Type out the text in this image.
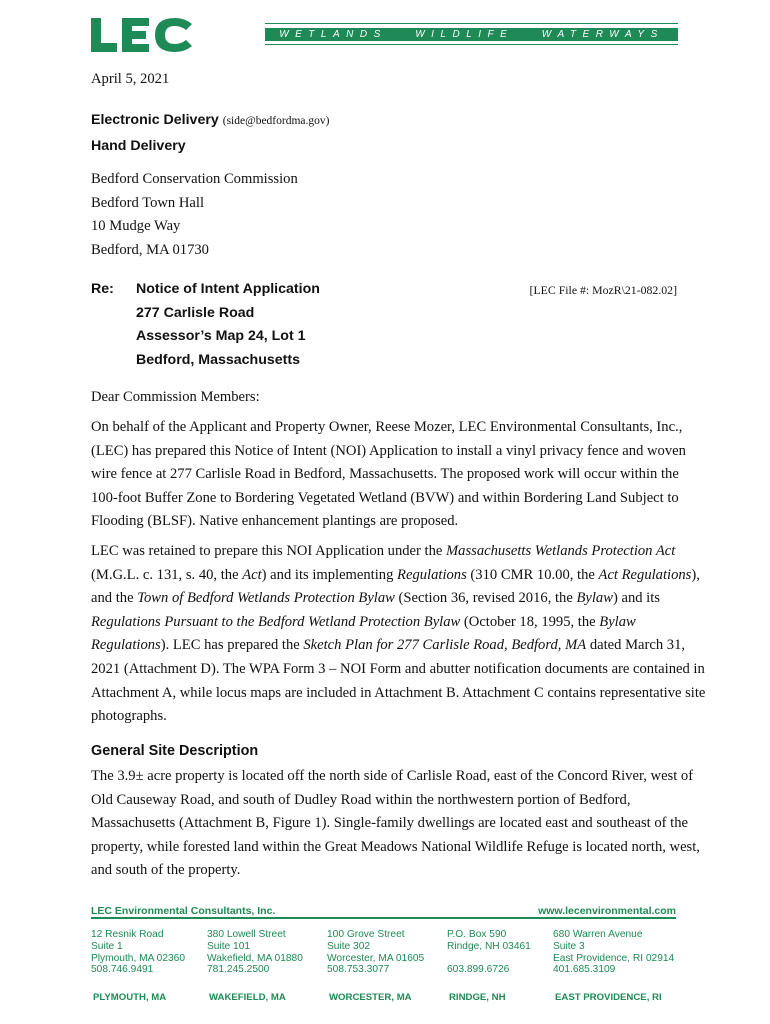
WETLANDS	WILDLIFE	WATERWAYS
April 5, 2021
Electronic Delivery (side@bedfordma.gov)
Hand Delivery
Bedford Conservation Commission
Bedford Town Hall
10 Mudge Way
Bedford, MA 01730
Re: Notice of Intent Application
277 Carlisle Road
Assessor’s Map 24, Lot 1
Bedford, Massachusetts
[LEC File #: MozR\21-082.02]
Dear Commission Members:
On behalf of the Applicant and Property Owner, Reese Mozer, LEC Environmental Consultants, Inc.,
(LEC) has prepared this Notice of Intent (NOI) Application to install a vinyl privacy fence and woven
wire fence at 277 Carlisle Road in Bedford, Massachusetts. The proposed work will occur within the
100-foot Buffer Zone to Bordering Vegetated Wetland (BVW) and within Bordering Land Subject to
Flooding (BLSF). Native enhancement plantings are proposed.
LEC was retained to prepare this NOI Application under the Massachusetts Wetlands Protection Act
(M.G.L. c. 131, s. 40, the Act) and its implementing Regulations (310 CMR 10.00, the Act Regulations),
and the Town of Bedford Wetlands Protection Bylaw (Section 36, revised 2016, the Bylaw) and its
Regulations Pursuant to the Bedford Wetland Protection Bylaw (October 18, 1995, the Bylaw
Regulations). LEC has prepared the Sketch Plan for 277 Carlisle Road, Bedford, MA dated March 31,
2021 (Attachment D). The WPA Form 3 – NOI Form and abutter notification documents are contained in
Attachment A, while locus maps are included in Attachment B. Attachment C contains representative site
photographs.
General Site Description
The 3.9± acre property is located off the north side of Carlisle Road, east of the Concord River, west of
Old Causeway Road, and south of Dudley Road within the northwestern portion of Bedford,
Massachusetts (Attachment B, Figure 1). Single-family dwellings are located east and southeast of the
property, while forested land within the Great Meadows National Wildlife Refuge is located north, west,
and south of the property.
LEC Environmental Consultants, Inc.	www.lecenvironmental.com
12 Resnik Road
Suite 1
Plymouth, MA 02360
508.746.9491
380 Lowell Street
Suite 101
Wakefield, MA 01880
781.245.2500
100 Grove Street
Suite 302
Worcester, MA 01605
508.753.3077
P.O. Box 590
Rindge, NH 03461
603.899.6726
680 Warren Avenue
Suite 3
East Providence, RI 02914
401.685.3109
PLYMOUTH, MA	WAKEFIELD, MA	WORCESTER, MA	RINDGE, NH	EAST PROVIDENCE, RI
